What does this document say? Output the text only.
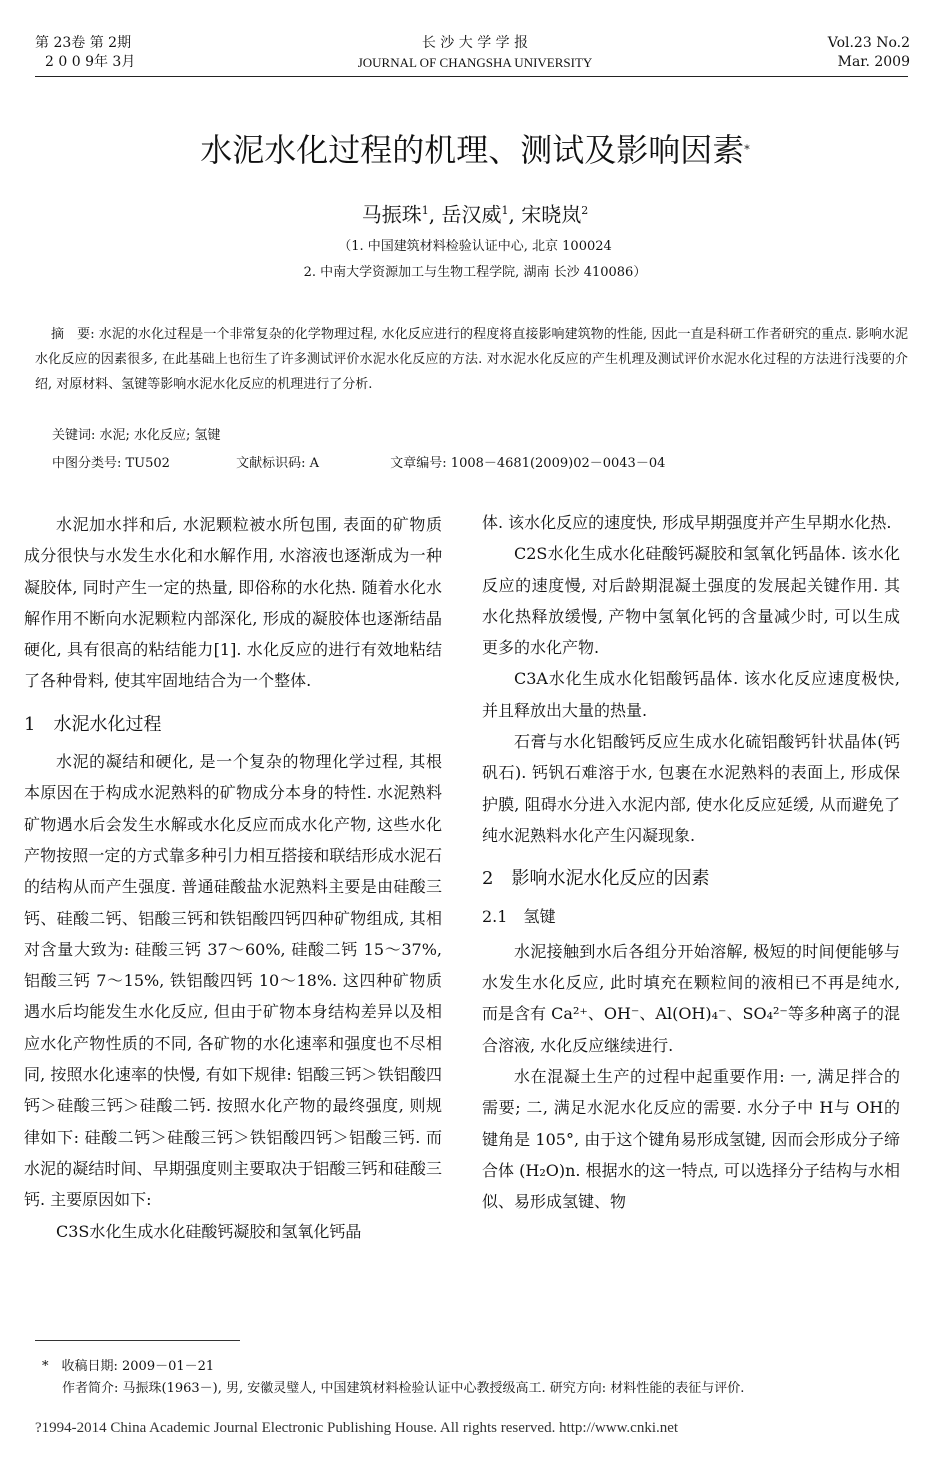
第 23卷 第 2期
2 0 0 9年 3月
长 沙 大 学 学 报
JOURNAL OF CHANGSHA UNIVERSITY
Vol.23 No.2
Mar. 2009
水泥水化过程的机理、测试及影响因素*
马振珠$^1$, 岳汉威$^1$, 宋晓岚$^2$
（1. 中国建筑材料检验认证中心, 北京 100024
2. 中南大学资源加工与生物工程学院, 湖南 长沙 410086）
摘　要: 水泥的水化过程是一个非常复杂的化学物理过程, 水化反应进行的程度将直接影响建筑物的性能, 因此一直是科研工作者研究的重点. 影响水泥水化反应的因素很多, 在此基础上也衍生了许多测试评价水泥水化反应的方法. 对水泥水化反应的产生机理及测试评价水泥水化过程的方法进行浅要的介绍, 对原材料、氢键等影响水泥水化反应的机理进行了分析.
关键词: 水泥; 水化反应; 氢键
中图分类号: TU502	文献标识码: A	文章编号: 1008－4681(2009)02－0043－04

水泥加水拌和后, 水泥颗粒被水所包围, 表面的矿物质成分很快与水发生水化和水解作用, 水溶液也逐渐成为一种凝胶体, 同时产生一定的热量, 即俗称的水化热. 随着水化水解作用不断向水泥颗粒内部深化, 形成的凝胶体也逐渐结晶硬化, 具有很高的粘结能力[1]. 水化反应的进行有效地粘结了各种骨料, 使其牢固地结合为一个整体.

1　水泥水化过程

水泥的凝结和硬化, 是一个复杂的物理化学过程, 其根本原因在于构成水泥熟料的矿物成分本身的特性. 水泥熟料矿物遇水后会发生水解或水化反应而成水化产物, 这些水化产物按照一定的方式靠多种引力相互搭接和联结形成水泥石的结构从而产生强度. 普通硅酸盐水泥熟料主要是由硅酸三钙、硅酸二钙、铝酸三钙和铁铝酸四钙四种矿物组成, 其相对含量大致为: 硅酸三钙 37～60%, 硅酸二钙 15～37%, 铝酸三钙 7～15%, 铁铝酸四钙 10～18%. 这四种矿物质遇水后均能发生水化反应, 但由于矿物本身结构差异以及相应水化产物性质的不同, 各矿物的水化速率和强度也不尽相同, 按照水化速率的快慢, 有如下规律: 铝酸三钙＞铁铝酸四钙＞硅酸三钙＞硅酸二钙. 按照水化产物的最终强度, 则规律如下: 硅酸二钙＞硅酸三钙＞铁铝酸四钙＞铝酸三钙. 而水泥的凝结时间、早期强度则主要取决于铝酸三钙和硅酸三钙. 主要原因如下:

C3S水化生成水化硅酸钙凝胶和氢氧化钙晶

体. 该水化反应的速度快, 形成早期强度并产生早期水化热.

C2S水化生成水化硅酸钙凝胶和氢氧化钙晶体. 该水化反应的速度慢, 对后龄期混凝土强度的发展起关键作用. 其水化热释放缓慢, 产物中氢氧化钙的含量减少时, 可以生成更多的水化产物.

C3A水化生成水化铝酸钙晶体. 该水化反应速度极快, 并且释放出大量的热量.

石膏与水化铝酸钙反应生成水化硫铝酸钙针状晶体(钙矾石). 钙钒石难溶于水, 包裹在水泥熟料的表面上, 形成保护膜, 阻碍水分进入水泥内部, 使水化反应延缓, 从而避免了纯水泥熟料水化产生闪凝现象.

2　影响水泥水化反应的因素

2.1　氢键

水泥接触到水后各组分开始溶解, 极短的时间便能够与水发生水化反应, 此时填充在颗粒间的液相已不再是纯水, 而是含有 Ca²⁺、OH⁻、Al(OH)₄⁻、SO₄²⁻等多种离子的混合溶液, 水化反应继续进行.

水在混凝土生产的过程中起重要作用: 一, 满足拌合的需要; 二, 满足水泥水化反应的需要. 水分子中 H与 OH的键角是 105°, 由于这个键角易形成氢键, 因而会形成分子缔合体 (H₂O)n. 根据水的这一特点, 可以选择分子结构与水相似、易形成氢键、物

*　收稿日期: 2009－01－21
作者简介: 马振珠(1963－), 男, 安徽灵璧人, 中国建筑材料检验认证中心教授级高工. 研究方向: 材料性能的表征与评价.
?1994-2014 China Academic Journal Electronic Publishing House. All rights reserved. http://www.cnki.net
